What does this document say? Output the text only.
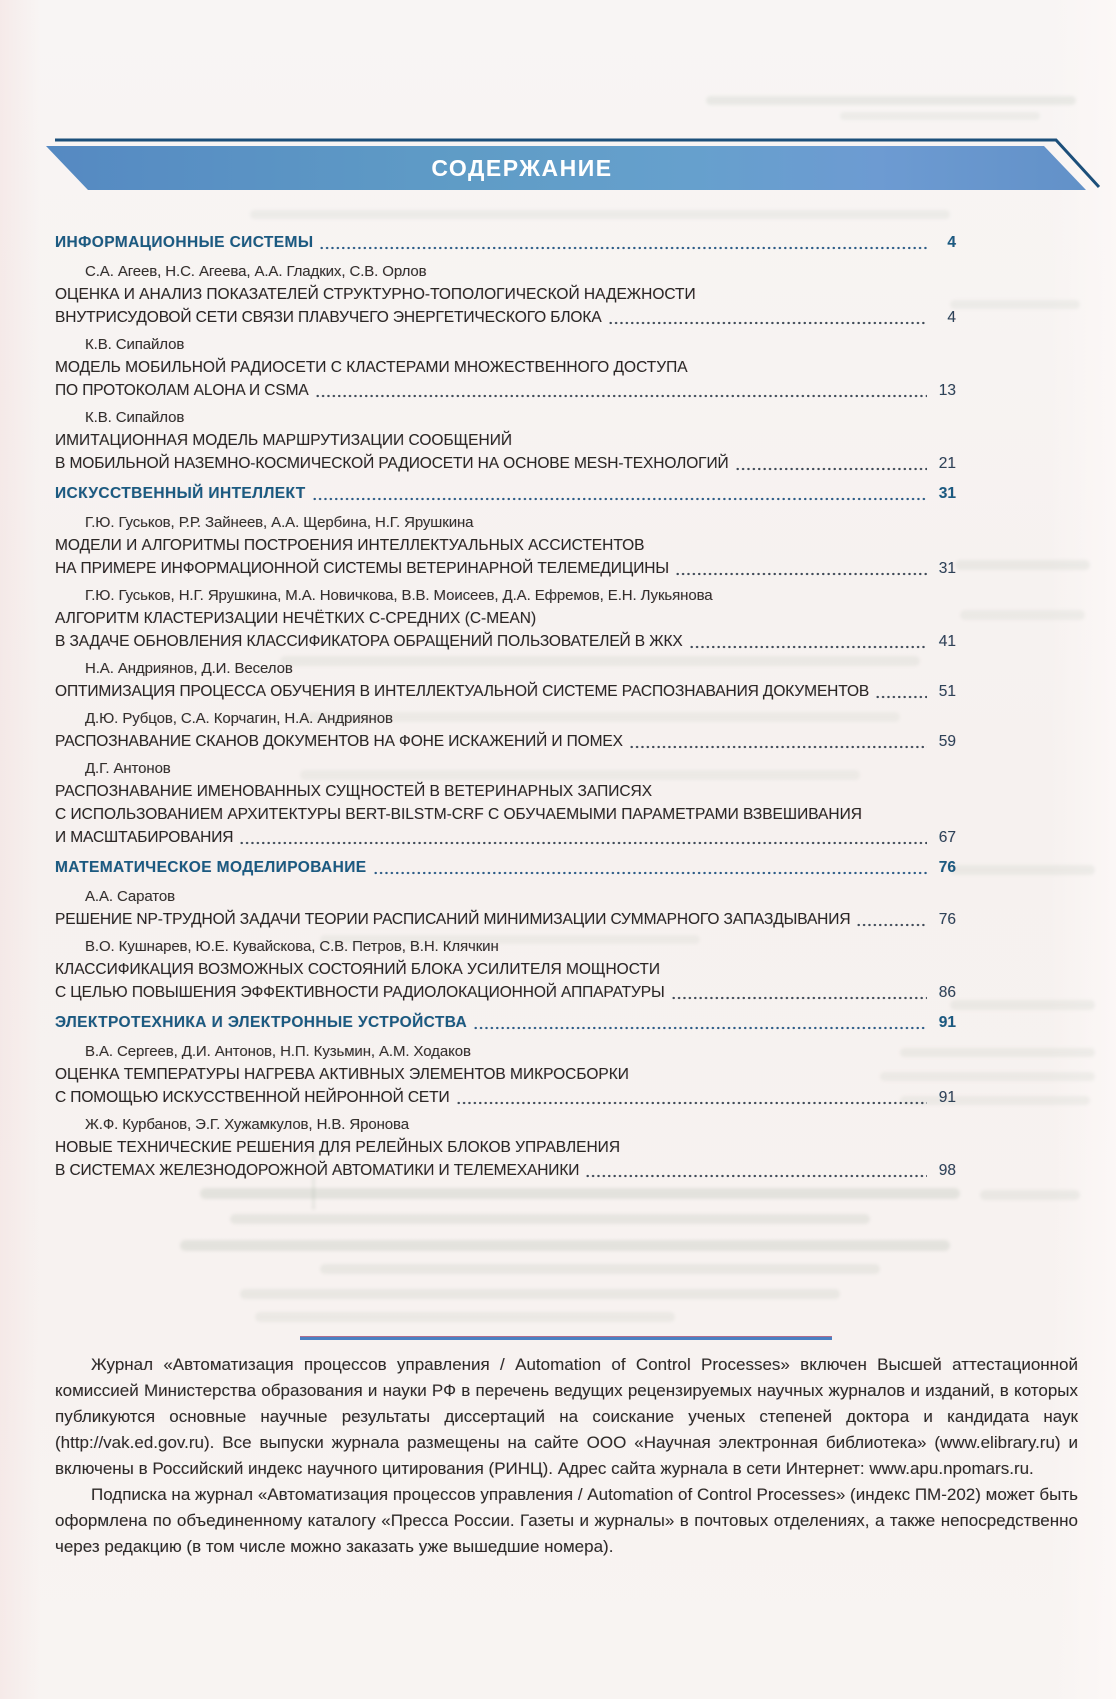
СОДЕРЖАНИЕ
ИНФОРМАЦИОННЫЕ СИСТЕМЫ	4
С.А. Агеев, Н.С. Агеева, А.А. Гладких, С.В. Орлов
ОЦЕНКА И АНАЛИЗ ПОКАЗАТЕЛЕЙ СТРУКТУРНО-ТОПОЛОГИЧЕСКОЙ НАДЕЖНОСТИ
ВНУТРИСУДОВОЙ СЕТИ СВЯЗИ ПЛАВУЧЕГО ЭНЕРГЕТИЧЕСКОГО БЛОКА	4
К.В. Сипайлов
МОДЕЛЬ МОБИЛЬНОЙ РАДИОСЕТИ С КЛАСТЕРАМИ МНОЖЕСТВЕННОГО ДОСТУПА
ПО ПРОТОКОЛАМ ALOHA И CSMA	13
К.В. Сипайлов
ИМИТАЦИОННАЯ МОДЕЛЬ МАРШРУТИЗАЦИИ СООБЩЕНИЙ
В МОБИЛЬНОЙ НАЗЕМНО-КОСМИЧЕСКОЙ РАДИОСЕТИ НА ОСНОВЕ MESH-ТЕХНОЛОГИЙ	21
ИСКУССТВЕННЫЙ ИНТЕЛЛЕКТ	31
Г.Ю. Гуськов, Р.Р. Зайнеев, А.А. Щербина, Н.Г. Ярушкина
МОДЕЛИ И АЛГОРИТМЫ ПОСТРОЕНИЯ ИНТЕЛЛЕКТУАЛЬНЫХ АССИСТЕНТОВ
НА ПРИМЕРЕ ИНФОРМАЦИОННОЙ СИСТЕМЫ ВЕТЕРИНАРНОЙ ТЕЛЕМЕДИЦИНЫ	31
Г.Ю. Гуськов, Н.Г. Ярушкина, М.А. Новичкова, В.В. Моисеев, Д.А. Ефремов, Е.Н. Лукьянова
АЛГОРИТМ КЛАСТЕРИЗАЦИИ НЕЧЁТКИХ С-СРЕДНИХ (C-MEAN)
В ЗАДАЧЕ ОБНОВЛЕНИЯ КЛАССИФИКАТОРА ОБРАЩЕНИЙ ПОЛЬЗОВАТЕЛЕЙ В ЖКХ	41
Н.А. Андриянов, Д.И. Веселов
ОПТИМИЗАЦИЯ ПРОЦЕССА ОБУЧЕНИЯ В ИНТЕЛЛЕКТУАЛЬНОЙ СИСТЕМЕ РАСПОЗНАВАНИЯ ДОКУМЕНТОВ	51
Д.Ю. Рубцов, С.А. Корчагин, Н.А. Андриянов
РАСПОЗНАВАНИЕ СКАНОВ ДОКУМЕНТОВ НА ФОНЕ ИСКАЖЕНИЙ И ПОМЕХ	59
Д.Г. Антонов
РАСПОЗНАВАНИЕ ИМЕНОВАННЫХ СУЩНОСТЕЙ В ВЕТЕРИНАРНЫХ ЗАПИСЯХ
С ИСПОЛЬЗОВАНИЕМ АРХИТЕКТУРЫ BERT-BILSTM-CRF С ОБУЧАЕМЫМИ ПАРАМЕТРАМИ ВЗВЕШИВАНИЯ
И МАСШТАБИРОВАНИЯ	67
МАТЕМАТИЧЕСКОЕ МОДЕЛИРОВАНИЕ	76
А.А. Саратов
РЕШЕНИЕ NP-ТРУДНОЙ ЗАДАЧИ ТЕОРИИ РАСПИСАНИЙ МИНИМИЗАЦИИ СУММАРНОГО ЗАПАЗДЫВАНИЯ	76
В.О. Кушнарев, Ю.Е. Кувайскова, С.В. Петров, В.Н. Клячкин
КЛАССИФИКАЦИЯ ВОЗМОЖНЫХ СОСТОЯНИЙ БЛОКА УСИЛИТЕЛЯ МОЩНОСТИ
С ЦЕЛЬЮ ПОВЫШЕНИЯ ЭФФЕКТИВНОСТИ РАДИОЛОКАЦИОННОЙ АППАРАТУРЫ	86
ЭЛЕКТРОТЕХНИКА И ЭЛЕКТРОННЫЕ УСТРОЙСТВА	91
В.А. Сергеев, Д.И. Антонов, Н.П. Кузьмин, А.М. Ходаков
ОЦЕНКА ТЕМПЕРАТУРЫ НАГРЕВА АКТИВНЫХ ЭЛЕМЕНТОВ МИКРОСБОРКИ
С ПОМОЩЬЮ ИСКУССТВЕННОЙ НЕЙРОННОЙ СЕТИ	91
Ж.Ф. Курбанов, Э.Г. Хужамкулов, Н.В. Яронова
НОВЫЕ ТЕХНИЧЕСКИЕ РЕШЕНИЯ ДЛЯ РЕЛЕЙНЫХ БЛОКОВ УПРАВЛЕНИЯ
В СИСТЕМАХ ЖЕЛЕЗНОДОРОЖНОЙ АВТОМАТИКИ И ТЕЛЕМЕХАНИКИ	98

Журнал «Автоматизация процессов управления / Automation of Control Processes» включен Высшей аттестационной комиссией Министерства образования и науки РФ в перечень ведущих рецензируемых научных журналов и изданий, в которых публикуются основные научные результаты диссертаций на соискание ученых степеней доктора и кандидата наук (http://vak.ed.gov.ru). Все выпуски журнала размещены на сайте ООО «Научная электронная библиотека» (www.elibrary.ru) и включены в Российский индекс научного цитирования (РИНЦ). Адрес сайта журнала в сети Интернет: www.apu.npomars.ru.

Подписка на журнал «Автоматизация процессов управления / Automation of Control Processes» (индекс ПМ-202) может быть оформлена по объединенному каталогу «Пресса России. Газеты и журналы» в почтовых отделениях, а также непосредственно через редакцию (в том числе можно заказать уже вышедшие номера).
